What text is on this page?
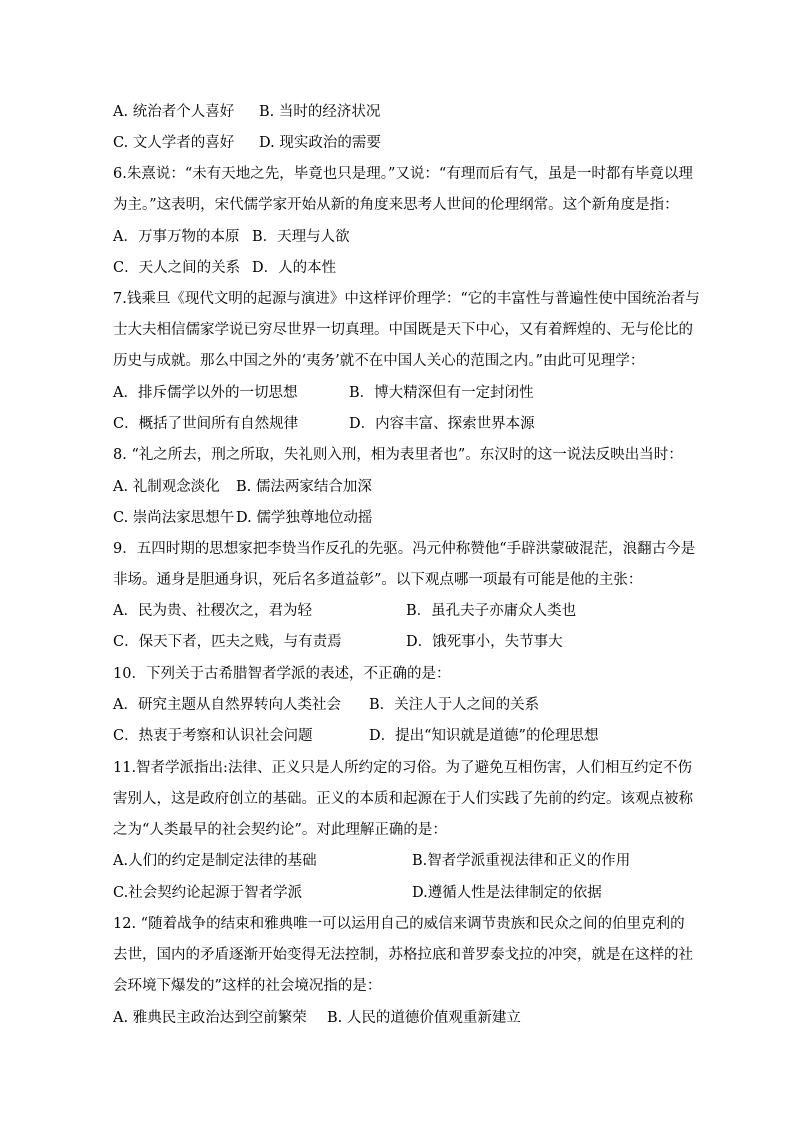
A. 统治者个人喜好 B. 当时的经济状况
C. 文人学者的喜好 D. 现实政治的需要
6.朱熹说：“未有天地之先，毕竟也只是理。”又说：“有理而后有气，虽是一时都有毕竟以理
为主。”这表明，宋代儒学家开始从新的角度来思考人世间的伦理纲常。这个新角度是指：
A．万事万物的本原 B．天理与人欲
C．天人之间的关系 D．人的本性
7.钱乘旦《现代文明的起源与演进》中这样评价理学：“它的丰富性与普遍性使中国统治者与
士大夫相信儒家学说已穷尽世界一切真理。中国既是天下中心，又有着辉煌的、无与伦比的
历史与成就。那么中国之外的‘夷务’就不在中国人关心的范围之内。”由此可见理学：
A．排斥儒学以外的一切思想	B．博大精深但有一定封闭性
C．概括了世间所有自然规律	D．内容丰富、探索世界本源
8. “礼之所去，刑之所取，失礼则入刑，相为表里者也”。东汉时的这一说法反映出当时：
A. 礼制观念淡化 B. 儒法两家结合加深
C. 崇尚法家思想午 D. 儒学独尊地位动摇
9．五四时期的思想家把李贽当作反孔的先驱。冯元仲称赞他“手辟洪蒙破混茫，浪翻古今是
非场。通身是胆通身识，死后名多道益彰”。以下观点哪一项最有可能是他的主张：
A．民为贵、社稷次之，君为轻	B．虽孔夫子亦庸众人类也
C．保天下者，匹夫之贱，与有责焉	D．饿死事小，失节事大
10．下列关于古希腊智者学派的表述，不正确的是：
A．研究主题从自然界转向人类社会 B．关注人于人之间的关系
C．热衷于考察和认识社会问题	D．提出“知识就是道德”的伦理思想
11.智者学派指出:法律、正义只是人所约定的习俗。为了避免互相伤害，人们相互约定不伤
害别人，这是政府创立的基础。正义的本质和起源在于人们实践了先前的约定。该观点被称
之为“人类最早的社会契约论”。对此理解正确的是：
A.人们的约定是制定法律的基础	B.智者学派重视法律和正义的作用
C.社会契约论起源于智者学派	D.遵循人性是法律制定的依据
12. “随着战争的结束和雅典唯一可以运用自己的威信来调节贵族和民众之间的伯里克利的
去世，国内的矛盾逐渐开始变得无法控制，苏格拉底和普罗泰戈拉的冲突，就是在这样的社
会环境下爆发的”这样的社会境况指的是：
A. 雅典民主政治达到空前繁荣 B. 人民的道德价值观重新建立
